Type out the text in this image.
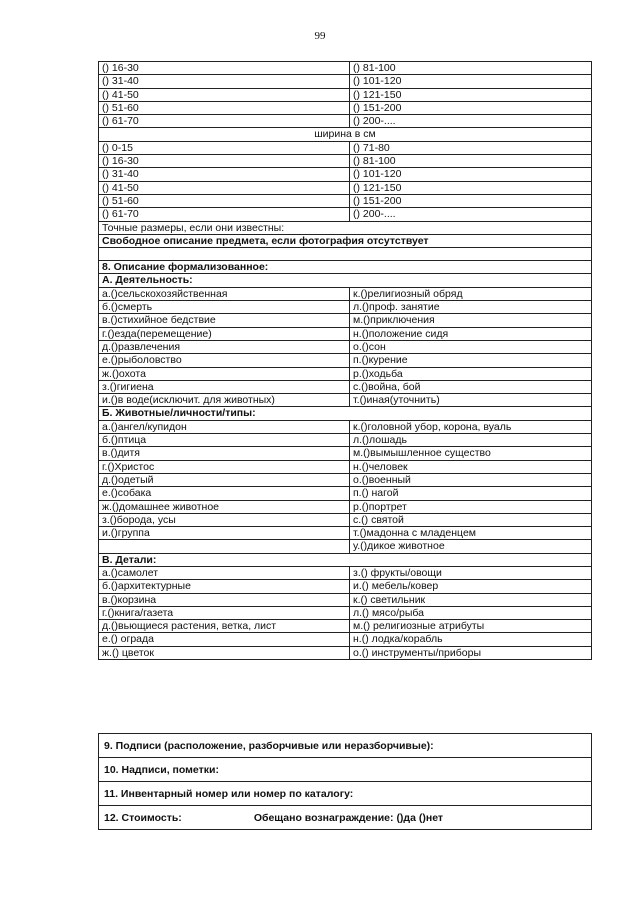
99
() 16-30	() 81-100
() 31-40	() 101-120
() 41-50	() 121-150
() 51-60	() 151-200
() 61-70	() 200-....
ширина в см	
() 0-15	() 71-80
() 16-30	() 81-100
() 31-40	() 101-120
() 41-50	() 121-150
() 51-60	() 151-200
() 61-70	() 200-....
Точные размеры, если они известны:	
Свободное описание предмета, если фотография отсутствует	

8. Описание формализованное:	
А. Деятельность:	
а.()сельскохозяйственная	к.()религиозный обряд
б.()смерть	л.()проф. занятие
в.()стихийное бедствие	м.()приключения
г.()езда(перемещение)	н.()положение сидя
д.()развлечения	о.()сон
е.()рыболовство	п.()курение
ж.()охота	р.()ходьба
з.()гигиена	с.()война, бой
и.()в воде(исключит. для животных)	т.()иная(уточнить)
Б. Животные/личности/типы:	
а.()ангел/купидон	к.()головной убор, корона, вуаль
б.()птица	л.()лошадь
в.()дитя	м.()вымышленное существо
г.()Христос	н.()человек
д.()одетый	о.()военный
е.()собака	п.() нагой
ж.()домашнее животное	р.()портрет
з.()борода, усы	с.() святой
и.()группа	т.()мадонна с младенцем
	у.()дикое животное
В. Детали:	
а.()самолет	з.() фрукты/овощи
б.()архитектурные	и.() мебель/ковер
в.()корзина	к.() светильник
г.()книга/газета	л.() мясо/рыба
д.()вьющиеся растения, ветка, лист	м.() религиозные атрибуты
е.() ограда	н.() лодка/корабль
ж.() цветок	о.() инструменты/приборы
9. Подписи (расположение, разборчивые или неразборчивые):
10. Надписи, пометки:
11. Инвентарный номер или номер по каталогу:
12. Стоимость:	Обещано вознаграждение: ()да ()нет
